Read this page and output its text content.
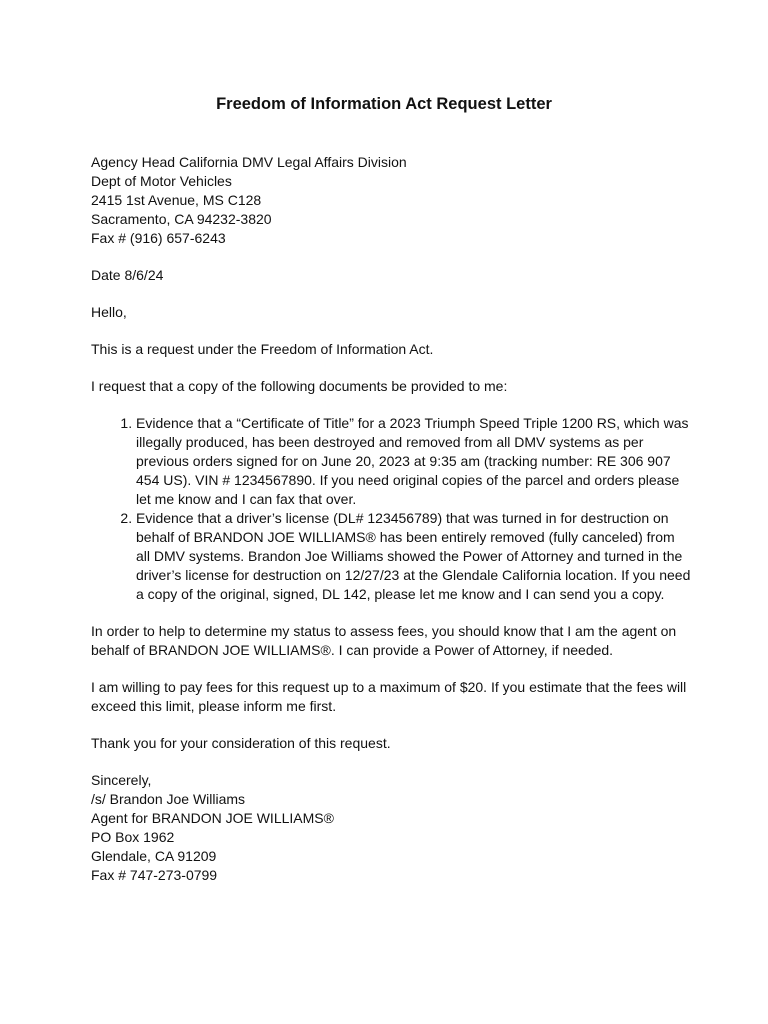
Freedom of Information Act Request Letter
Agency Head California DMV Legal Affairs Division
Dept of Motor Vehicles
2415 1st Avenue, MS C128
Sacramento, CA 94232-3820
Fax # (916) 657-6243
Date 8/6/24
Hello,
This is a request under the Freedom of Information Act.
I request that a copy of the following documents be provided to me:
1. Evidence that a “Certificate of Title” for a 2023 Triumph Speed Triple 1200 RS, which was illegally produced, has been destroyed and removed from all DMV systems as per previous orders signed for on June 20, 2023 at 9:35 am (tracking number: RE 306 907 454 US). VIN # 1234567890. If you need original copies of the parcel and orders please let me know and I can fax that over.
2. Evidence that a driver’s license (DL# 123456789) that was turned in for destruction on behalf of BRANDON JOE WILLIAMS® has been entirely removed (fully canceled) from all DMV systems. Brandon Joe Williams showed the Power of Attorney and turned in the driver’s license for destruction on 12/27/23 at the Glendale California location. If you need a copy of the original, signed, DL 142, please let me know and I can send you a copy.
In order to help to determine my status to assess fees, you should know that I am the agent on behalf of BRANDON JOE WILLIAMS®. I can provide a Power of Attorney, if needed.
I am willing to pay fees for this request up to a maximum of $20. If you estimate that the fees will exceed this limit, please inform me first.
Thank you for your consideration of this request.
Sincerely,
/s/ Brandon Joe Williams
Agent for BRANDON JOE WILLIAMS®
PO Box 1962
Glendale, CA 91209
Fax # 747-273-0799
